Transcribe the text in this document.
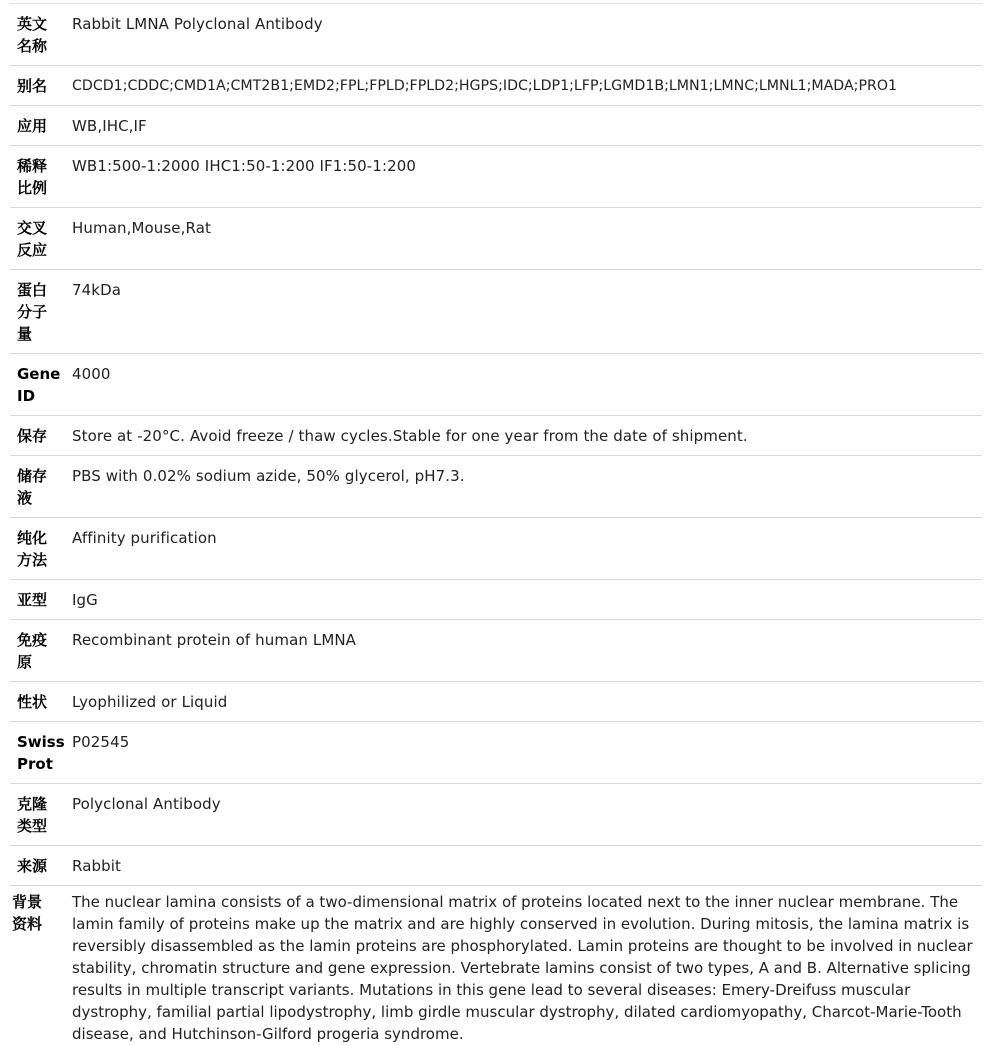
英文
名称	Rabbit LMNA Polyclonal Antibody

别名	CDCD1;CDDC;CMD1A;CMT2B1;EMD2;FPL;FPLD;FPLD2;HGPS;IDC;LDP1;LFP;LGMD1B;LMN1;LMNC;LMNL1;MADA;PRO1

应用	WB,IHC,IF

稀释
比例	WB1:500-1:2000 IHC1:50-1:200 IF1:50-1:200

交叉
反应	Human,Mouse,Rat

蛋白
分子
量	74kDa

Gene
ID	4000

保存	Store at -20°C. Avoid freeze / thaw cycles.Stable for one year from the date of shipment.

储存
液	PBS with 0.02% sodium azide, 50% glycerol, pH7.3.

纯化
方法	Affinity purification

亚型	IgG

免疫
原	Recombinant protein of human LMNA

性状	Lyophilized or Liquid

Swiss
Prot	P02545

克隆
类型	Polyclonal Antibody

来源	Rabbit

背景
资料	The nuclear lamina consists of a two-dimensional matrix of proteins located next to the inner nuclear membrane. The lamin family of proteins make up the matrix and are highly conserved in evolution. During mitosis, the lamina matrix is reversibly disassembled as the lamin proteins are phosphorylated. Lamin proteins are thought to be involved in nuclear stability, chromatin structure and gene expression. Vertebrate lamins consist of two types, A and B. Alternative splicing results in multiple transcript variants. Mutations in this gene lead to several diseases: Emery-Dreifuss muscular dystrophy, familial partial lipodystrophy, limb girdle muscular dystrophy, dilated cardiomyopathy, Charcot-Marie-Tooth disease, and Hutchinson-Gilford progeria syndrome.
